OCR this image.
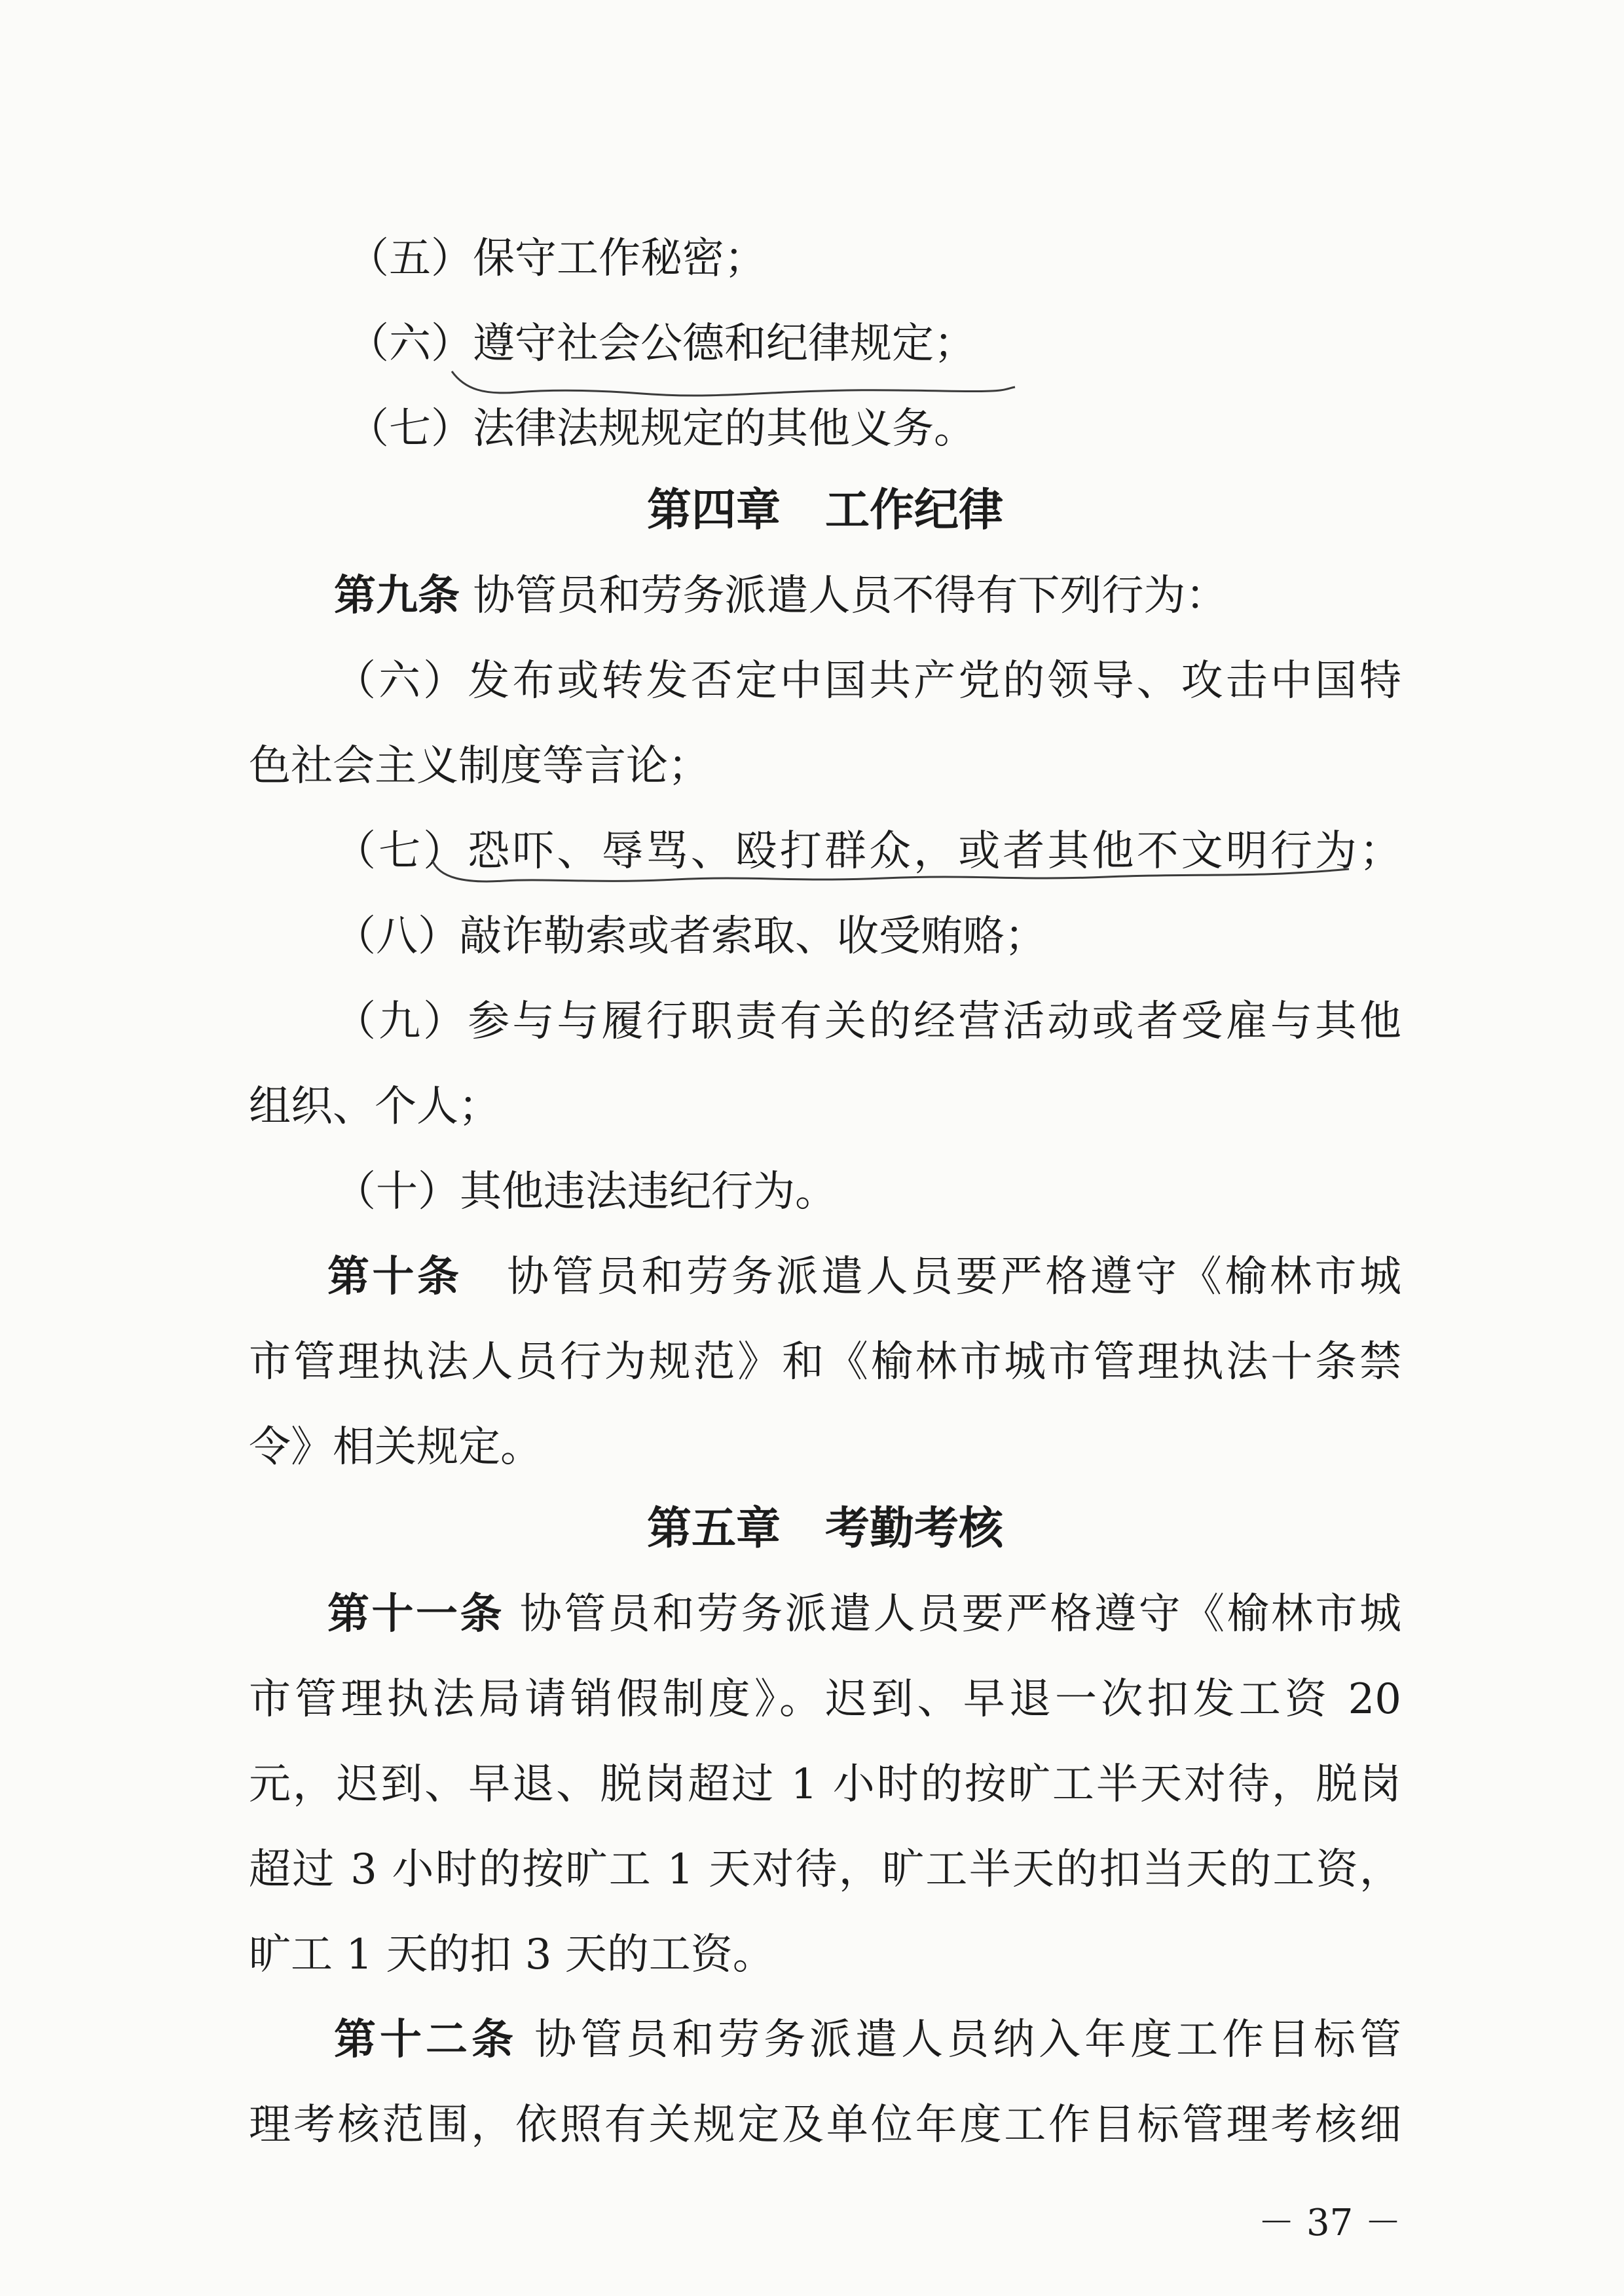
（五）保守工作秘密；
（六）遵守社会公德和纪律规定；
（七）法律法规规定的其他义务。
第四章　工作纪律
第九条 协管员和劳务派遣人员不得有下列行为：
（六）发布或转发否定中国共产党的领导、攻击中国特
色社会主义制度等言论；
（七）恐吓、辱骂、殴打群众，或者其他不文明行为；
（八）敲诈勒索或者索取、收受贿赂；
（九）参与与履行职责有关的经营活动或者受雇与其他
组织、个人；
（十）其他违法违纪行为。
第十条　 协管员和劳务派遣人员要严格遵守《榆林市城
市管理执法人员行为规范》和《榆林市城市管理执法十条禁
令》相关规定。
第五章　考勤考核
第十一条 协管员和劳务派遣人员要严格遵守《榆林市城
市管理执法局请销假制度》。迟到、早退一次扣发工资 20
元，迟到、早退、脱岗超过 1 小时的按旷工半天对待，脱岗
超过 3 小时的按旷工 1 天对待，旷工半天的扣当天的工资，
旷工 1 天的扣 3 天的工资。
第十二条 协管员和劳务派遣人员纳入年度工作目标管
理考核范围，依照有关规定及单位年度工作目标管理考核细
－ 37 －
